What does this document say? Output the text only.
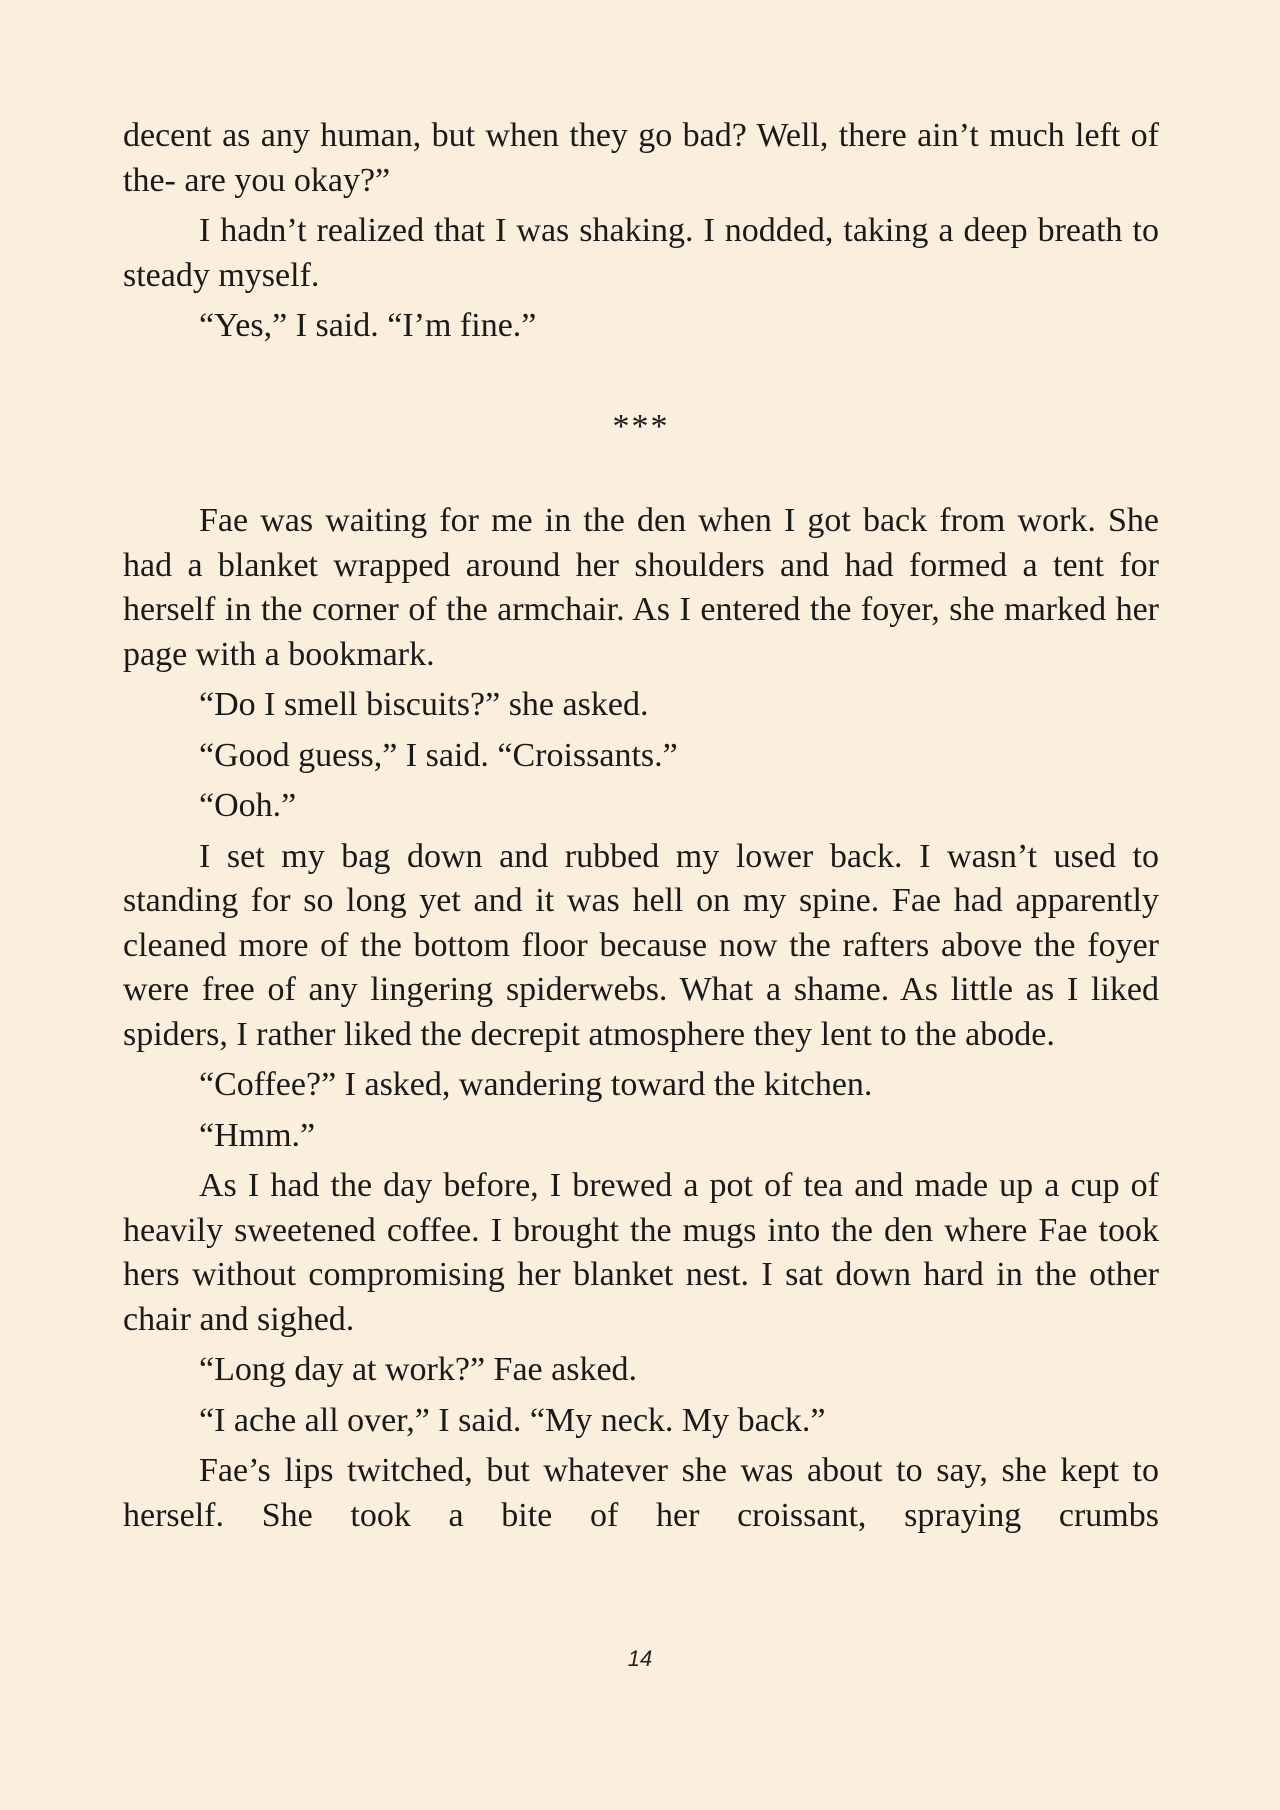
decent as any human, but when they go bad? Well, there ain’t much left of the- are you okay?”

I hadn’t realized that I was shaking. I nodded, taking a deep breath to steady myself.

“Yes,” I said. “I’m fine.”

***

Fae was waiting for me in the den when I got back from work. She had a blanket wrapped around her shoulders and had formed a tent for herself in the corner of the armchair. As I entered the foyer, she marked her page with a bookmark.

“Do I smell biscuits?” she asked.

“Good guess,” I said. “Croissants.”

“Ooh.”

I set my bag down and rubbed my lower back. I wasn’t used to standing for so long yet and it was hell on my spine. Fae had apparently cleaned more of the bottom floor because now the rafters above the foyer were free of any lingering spiderwebs. What a shame. As little as I liked spiders, I rather liked the decrepit atmosphere they lent to the abode.

“Coffee?” I asked, wandering toward the kitchen.

“Hmm.”

As I had the day before, I brewed a pot of tea and made up a cup of heavily sweetened coffee. I brought the mugs into the den where Fae took hers without compromising her blanket nest. I sat down hard in the other chair and sighed.

“Long day at work?” Fae asked.

“I ache all over,” I said. “My neck. My back.”

Fae’s lips twitched, but whatever she was about to say, she kept to herself. She took a bite of her croissant, spraying crumbs

14
